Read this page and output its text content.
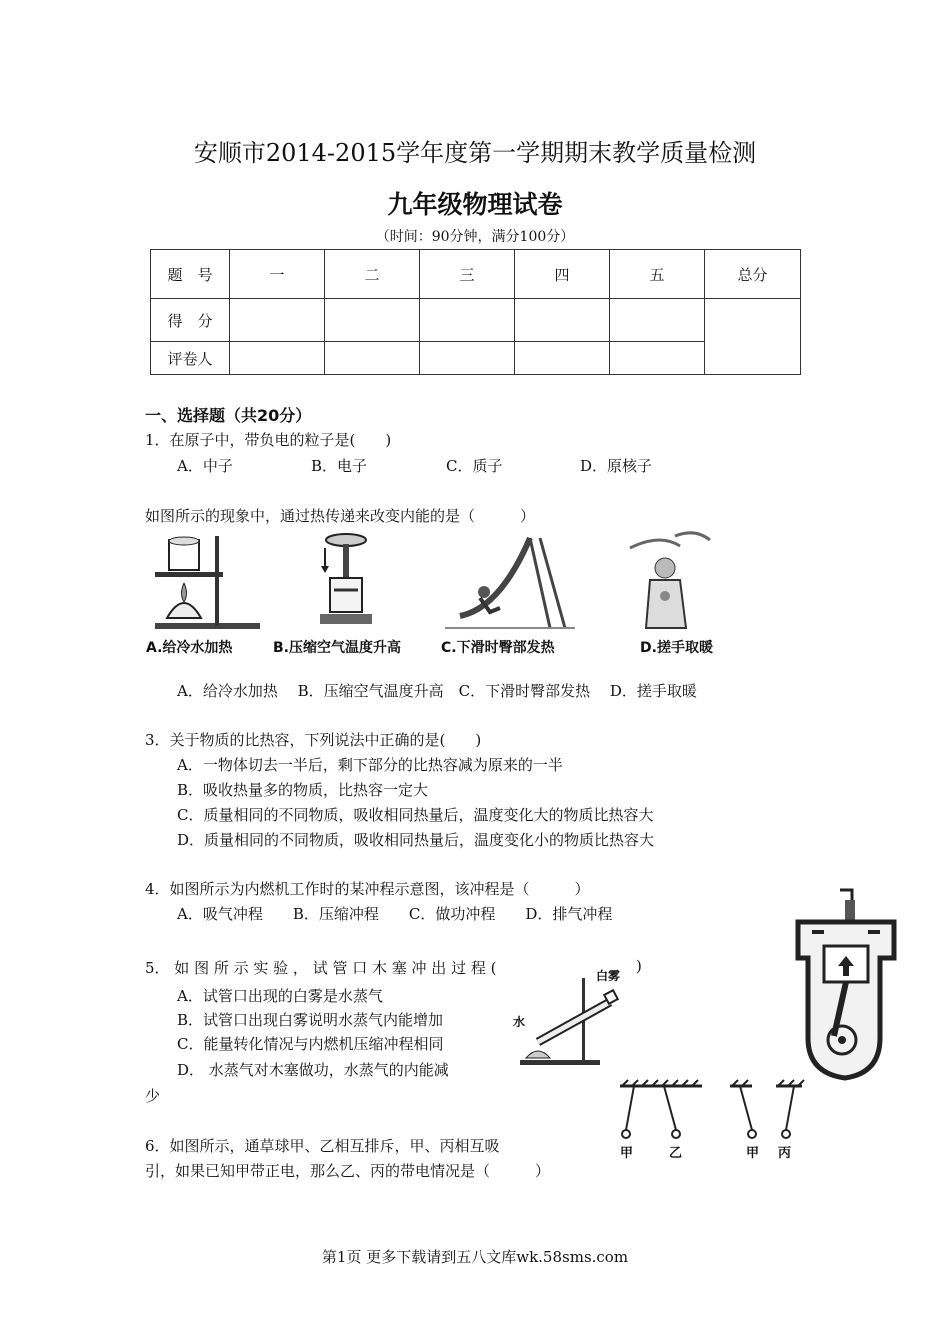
安顺市2014-2015学年度第一学期期末教学质量检测
九年级物理试卷
（时间：90分钟，满分100分）
题　号	一	二	三	四	五	总分
得　分						
评卷人						
一、选择题（共20分）
1．在原子中，带负电的粒子是(　　)
A．中子	B．电子	C．质子	D．原核子
如图所示的现象中，通过热传递来改变内能的是（　　　）
A.给冷水加热	B.压缩空气温度升高	C.下滑时臀部发热	D.搓手取暖
A．给冷水加热　 B．压缩空气温度升高　C．下滑时臀部发热　 D．搓手取暖
3．关于物质的比热容，下列说法中正确的是(　　)
A．一物体切去一半后，剩下部分的比热容减为原来的一半
B．吸收热量多的物质，比热容一定大
C．质量相同的不同物质，吸收相同热量后，温度变化大的物质比热容大
D．质量相同的不同物质，吸收相同热量后，温度变化小的物质比热容大
4．如图所示为内燃机工作时的某冲程示意图，该冲程是（　　　）
A．吸气冲程　　B．压缩冲程　　C．做功冲程　　D．排气冲程
5． 如 图 所 示 实 验 ， 试 管 口 木 塞 冲 出 过 程 (	)
A．试管口出现的白雾是水蒸气
B．试管口出现白雾说明水蒸气内能增加
C．能量转化情况与内燃机压缩冲程相同
D． 水蒸气对木塞做功，水蒸气的内能减
少
白雾
水
6．如图所示，通草球甲、乙相互排斥，甲、丙相互吸
引，如果已知甲带正电，那么乙、丙的带电情况是（　　　）
甲	乙	甲 丙
第1页 更多下载请到五八文库wk.58sms.com
